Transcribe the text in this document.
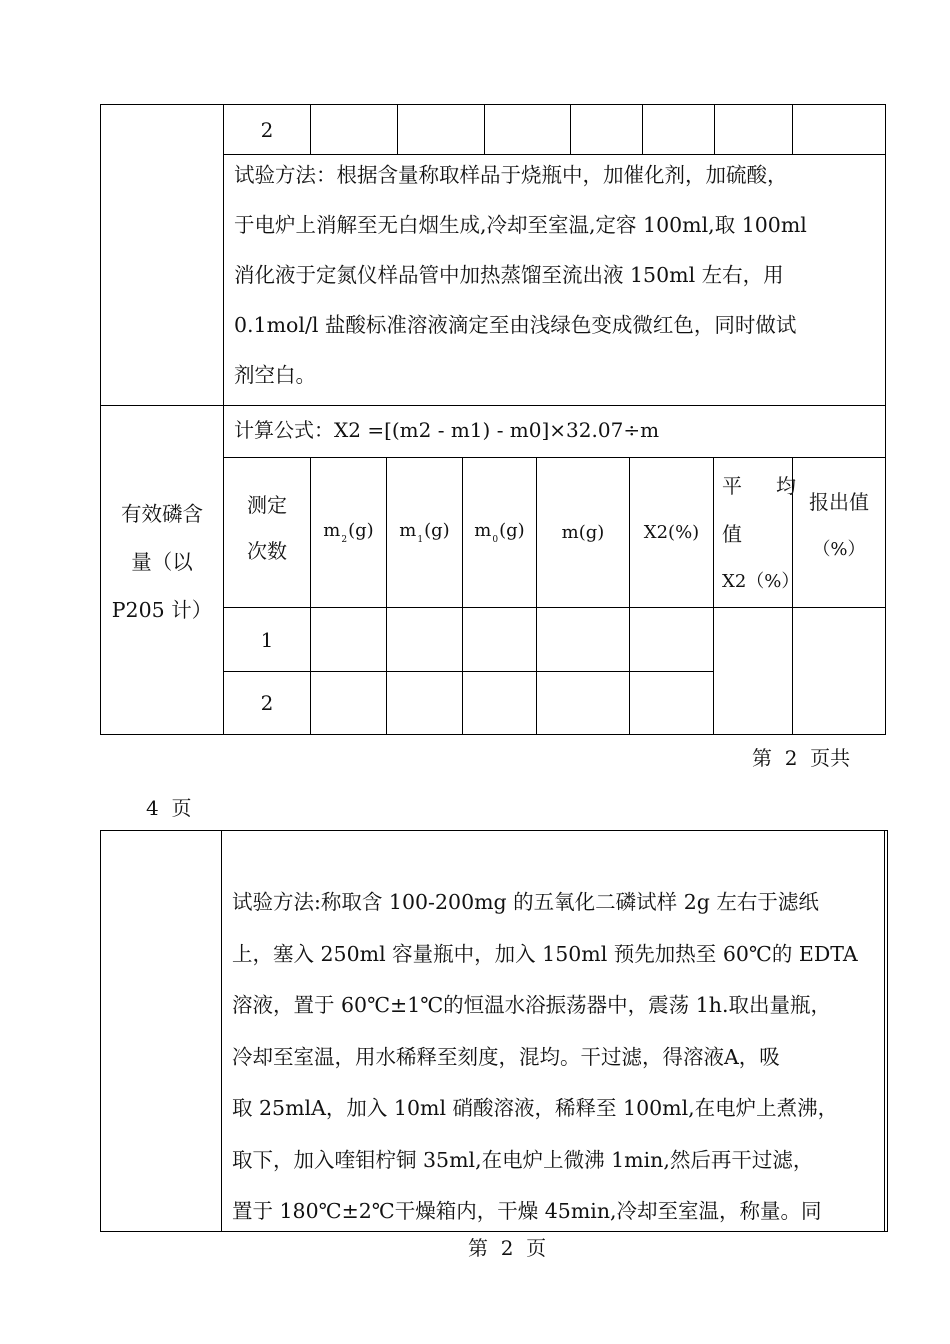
2
试验方法：根据含量称取样品于烧瓶中，加催化剂，加硫酸，
于电炉上消解至无白烟生成,冷却至室温,定容 100ml,取 100ml
消化液于定氮仪样品管中加热蒸馏至流出液 150ml 左右，用
0.1mol/l 盐酸标准溶液滴定至由浅绿色变成微红色，同时做试
剂空白。
有效磷含
量（以
P205 计）
计算公式：X2 =[(m2 - m1) - m0]×32.07÷m
测定
次数
$m_2(g)$ $m_1(g)$ $m_0(g)$	m(g)	X2(%)
平 均
值
X2（%）
报出值
（%）
1
2
第  2  页共
4  页
试验方法:称取含 100-200mg 的五氧化二磷试样 2g 左右于滤纸
上，塞入 250ml 容量瓶中，加入 150ml 预先加热至 60℃的 EDTA
溶液，置于 60℃±1℃的恒温水浴振荡器中，震荡 1h.取出量瓶，
冷却至室温，用水稀释至刻度，混均。干过滤，得溶液A，吸
取 25mlA，加入 10ml 硝酸溶液，稀释至 100ml,在电炉上煮沸，
取下，加入喹钼柠铜 35ml,在电炉上微沸 1min,然后再干过滤，
置于 180℃±2℃干燥箱内，干燥 45min,冷却至室温，称量。同
第  2  页
